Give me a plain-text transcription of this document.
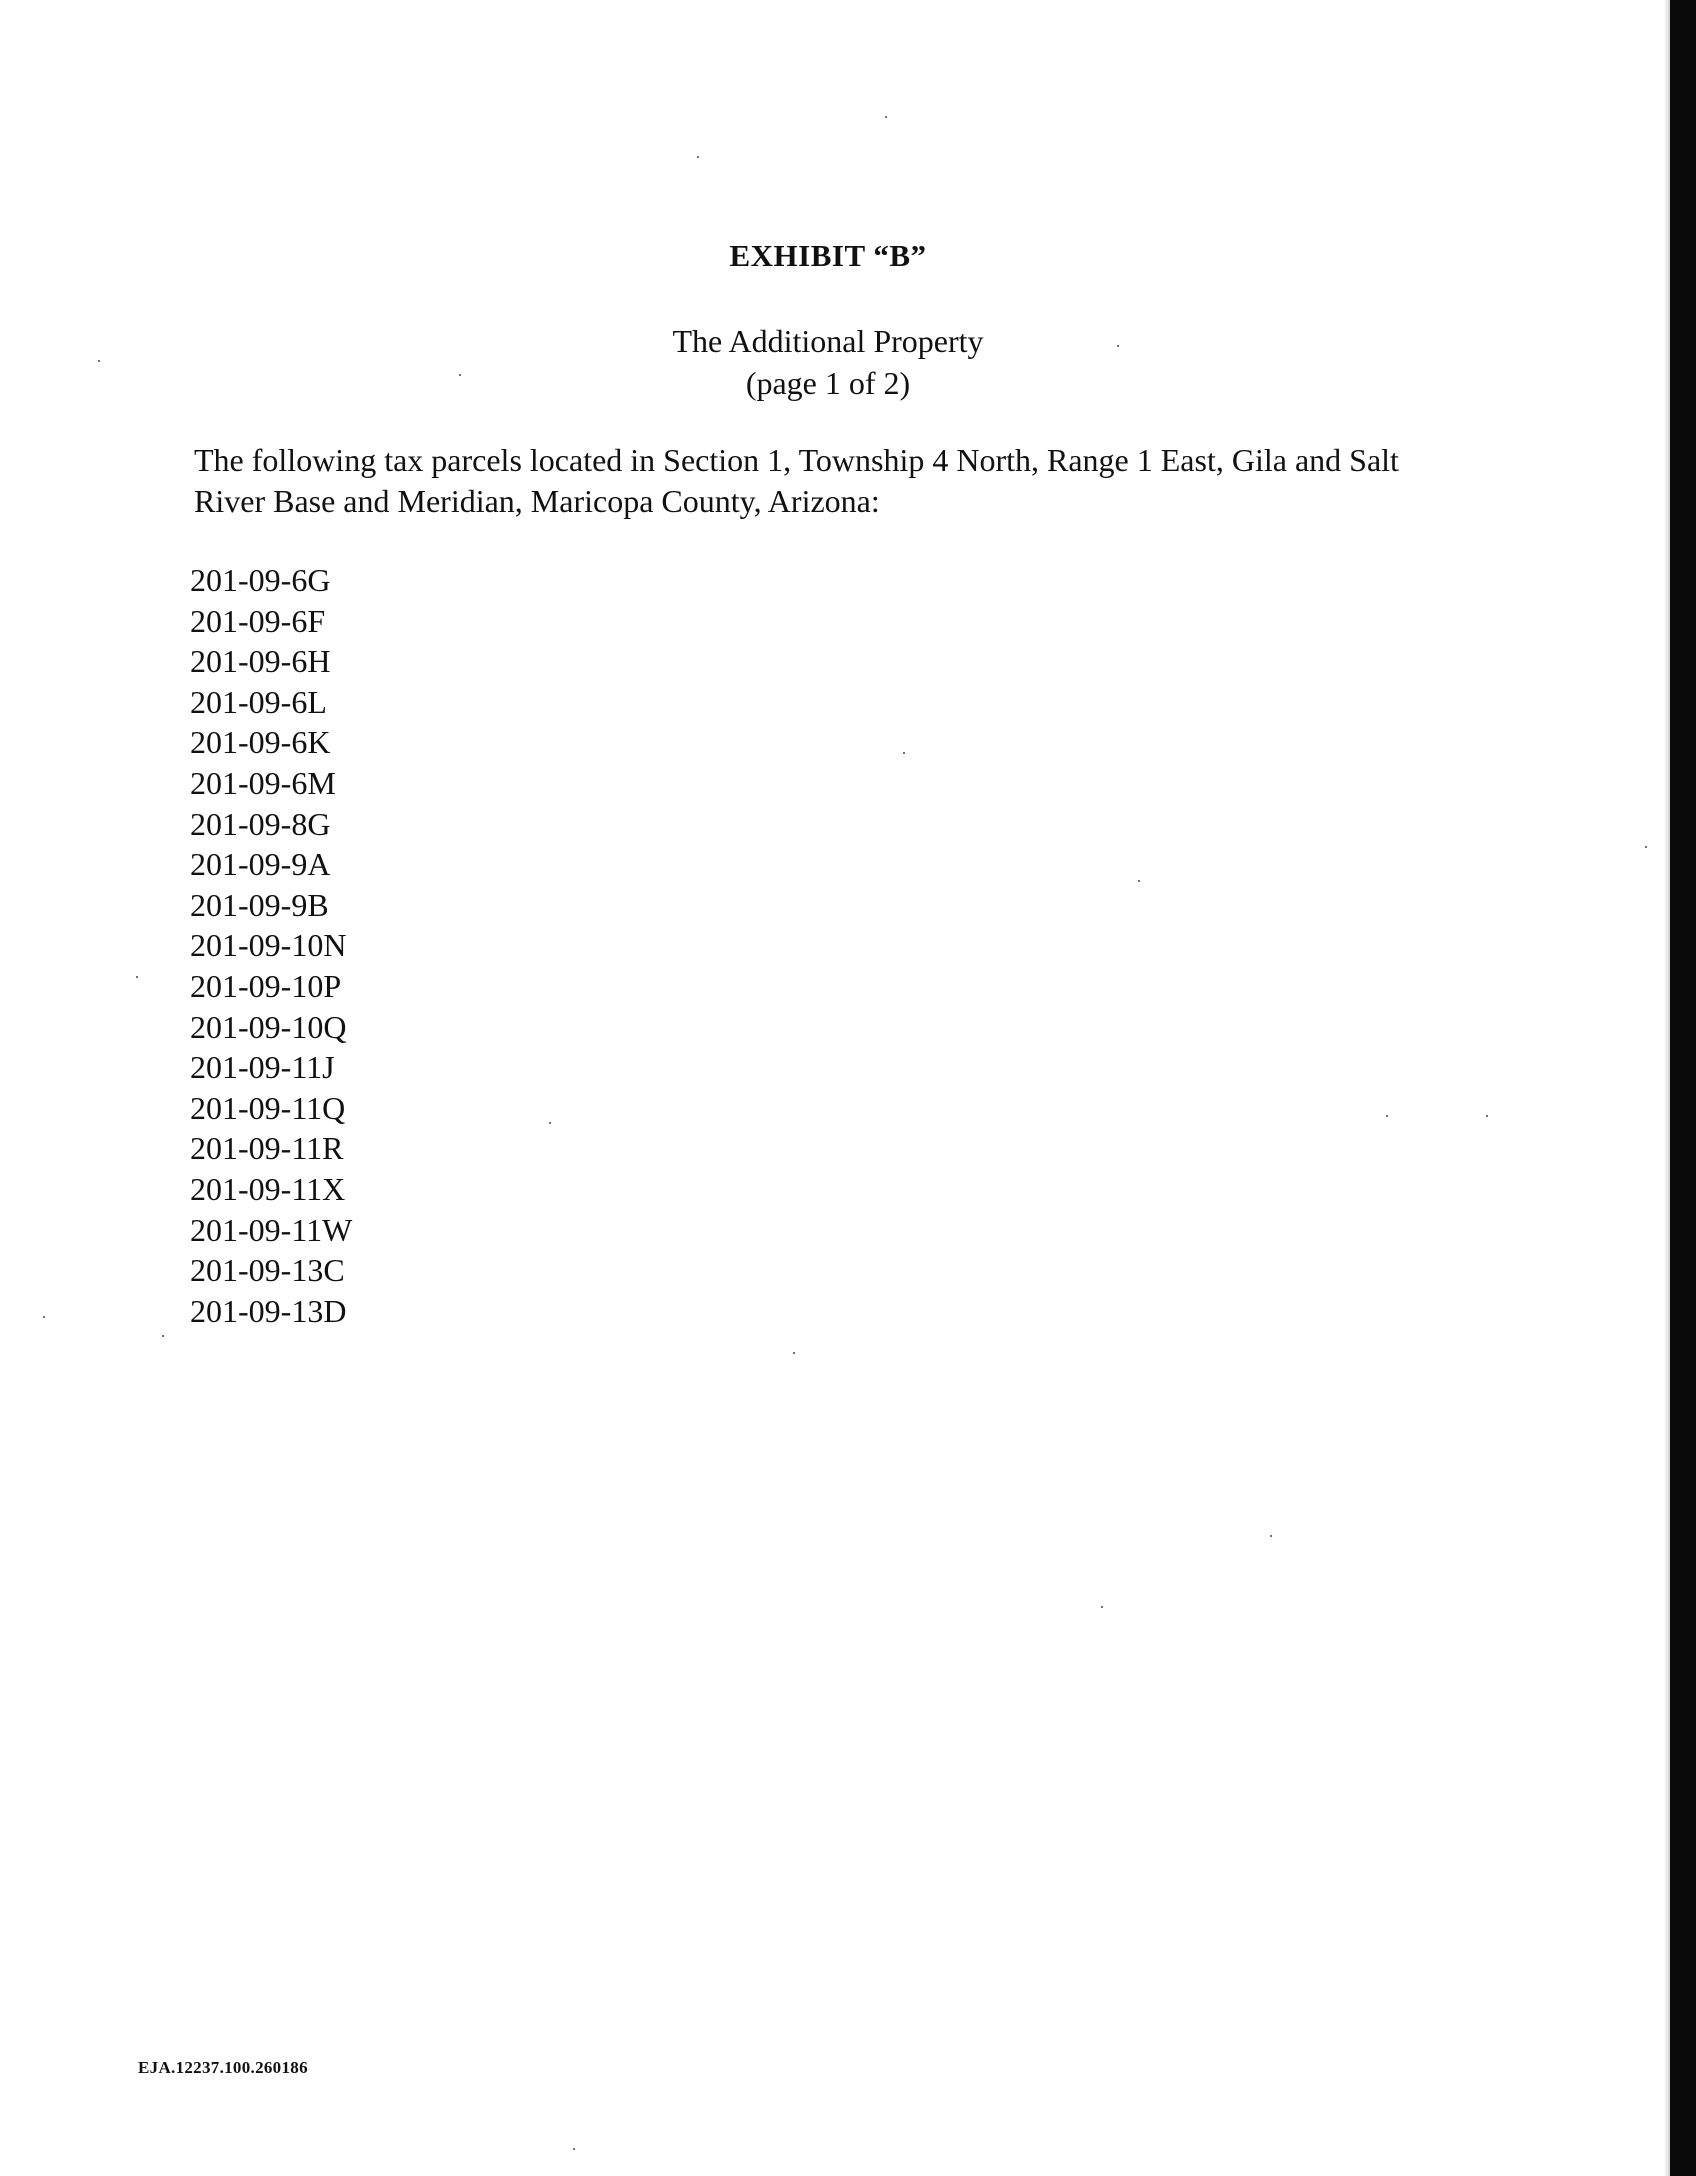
EXHIBIT “B”
The Additional Property
(page 1 of 2)
The following tax parcels located in Section 1, Township 4 North, Range 1 East, Gila and Salt
River Base and Meridian, Maricopa County, Arizona:
201-09-6G
201-09-6F
201-09-6H
201-09-6L
201-09-6K
201-09-6M
201-09-8G
201-09-9A
201-09-9B
201-09-10N
201-09-10P
201-09-10Q
201-09-11J
201-09-11Q
201-09-11R
201-09-11X
201-09-11W
201-09-13C
201-09-13D
EJA.12237.100.260186
